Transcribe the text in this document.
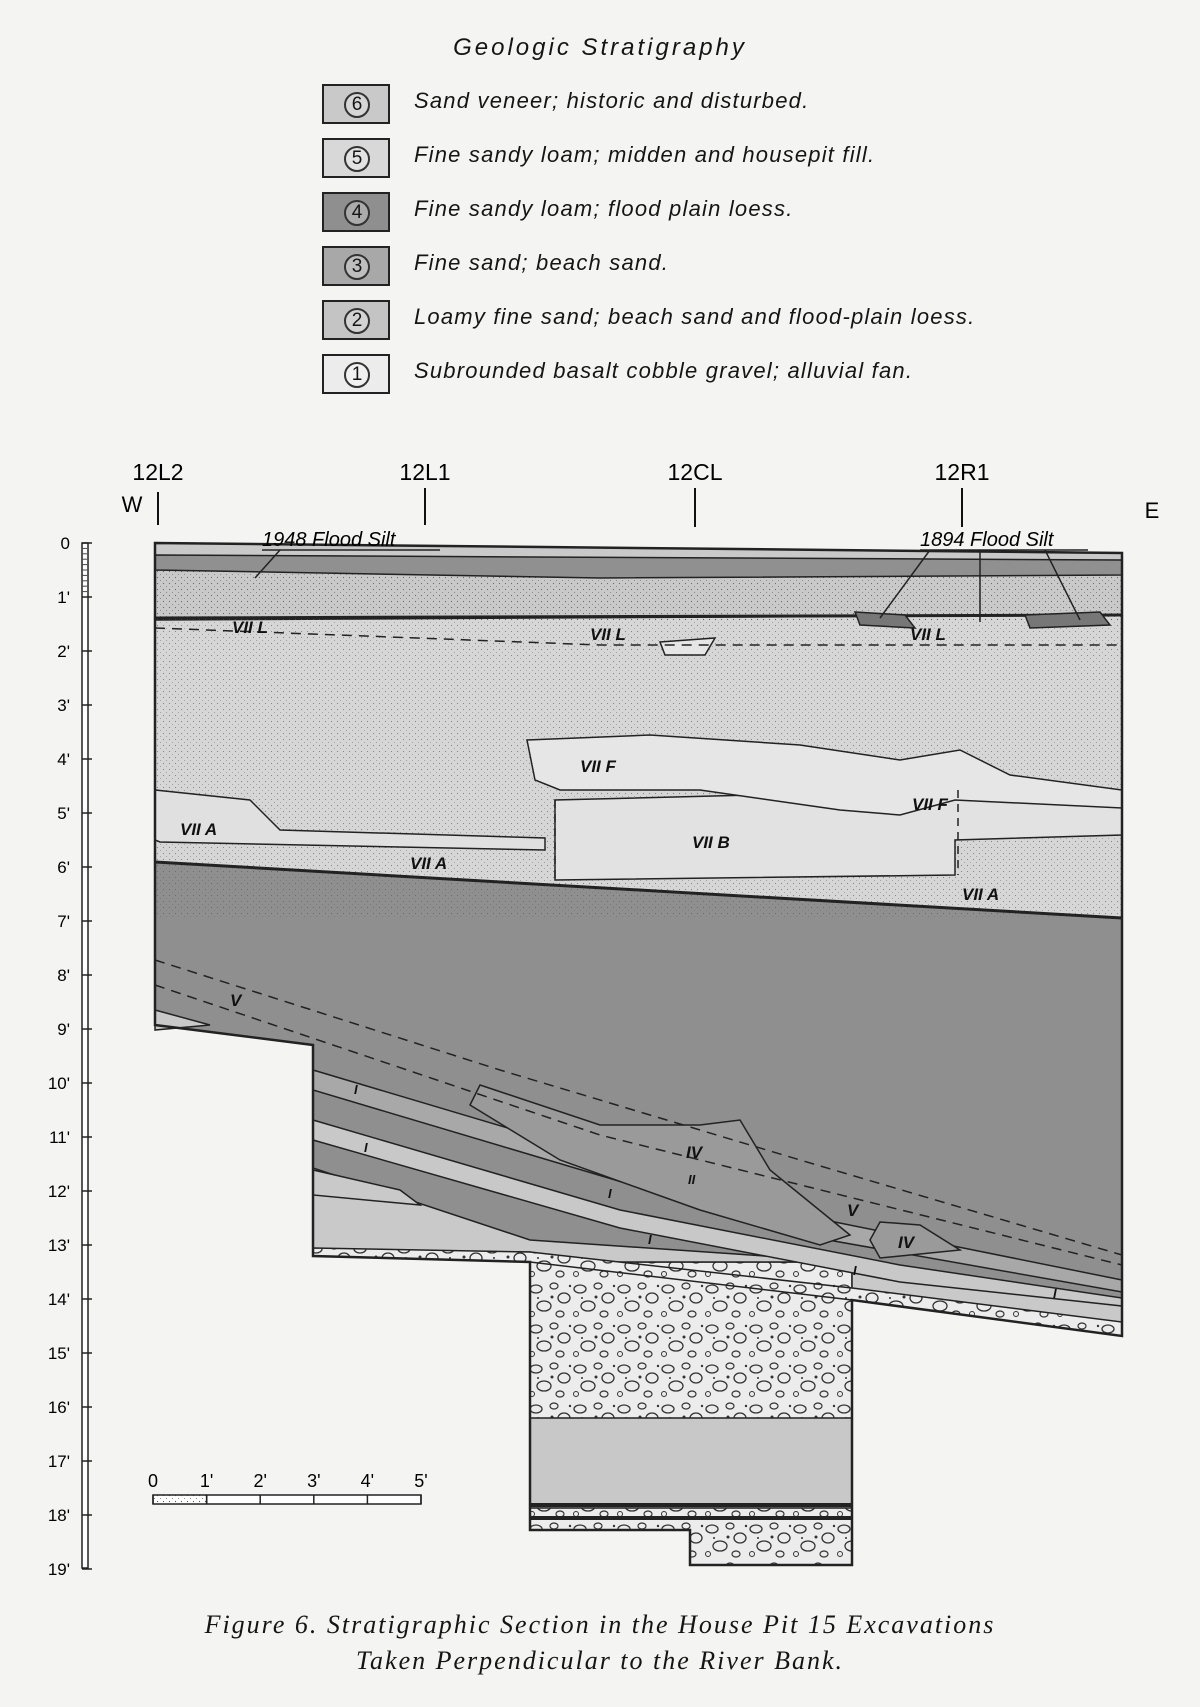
Geologic Stratigraphy
6	Sand veneer; historic and disturbed.
5	Fine sandy loam; midden and housepit fill.
4	Fine sandy loam; flood plain loess.
3	Fine sand; beach sand.
2	Loamy fine sand; beach sand and flood-plain loess.
1	Subrounded basalt cobble gravel; alluvial fan.
12L2
W
12L1	12CL	12R1
E
0
1'
2'
3'
4'
5'
6'
7'
8'
9'
10'
11'
12'
13'
14'
15'
16'
17'
18'
19'
1948 Flood Silt	1894 Flood Silt
VII L	VII L	VII L
VII F
VII F
VII A
VII A
VII A
VII B
V
V
IV
IV
I
I
I
I
I
I
II
0 1' 2' 3' 4' 5'
Figure 6. Stratigraphic Section in the House Pit 15 Excavations
Taken Perpendicular to the River Bank.
